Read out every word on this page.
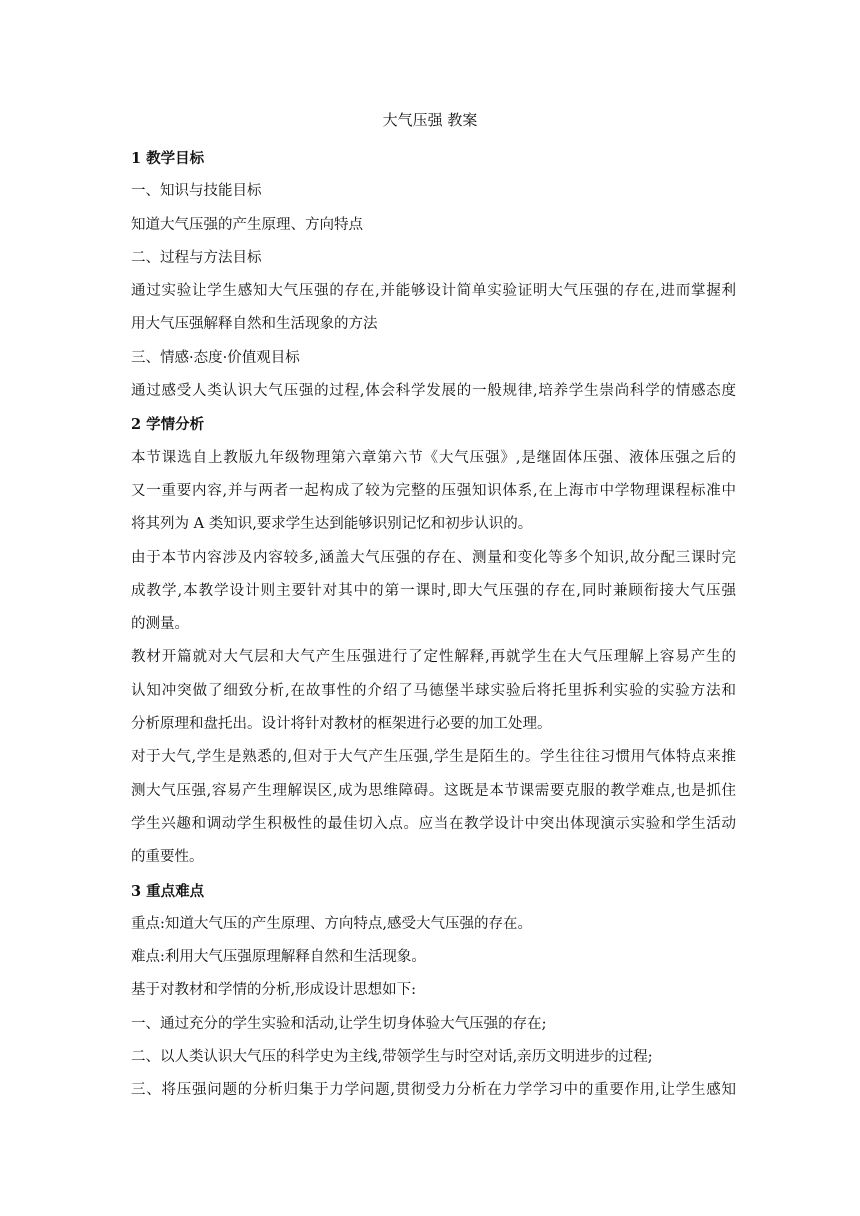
大气压强 教案
1 教学目标
一、知识与技能目标
知道大气压强的产生原理、方向特点
二、过程与方法目标
通过实验让学生感知大气压强的存在,并能够设计简单实验证明大气压强的存在,进而掌握利
用大气压强解释自然和生活现象的方法
三、情感·态度·价值观目标
通过感受人类认识大气压强的过程,体会科学发展的一般规律,培养学生崇尚科学的情感态度
2 学情分析
本节课选自上教版九年级物理第六章第六节《大气压强》,是继固体压强、液体压强之后的
又一重要内容,并与两者一起构成了较为完整的压强知识体系,在上海市中学物理课程标准中
将其列为 A 类知识,要求学生达到能够识别记忆和初步认识的。
由于本节内容涉及内容较多,涵盖大气压强的存在、测量和变化等多个知识,故分配三课时完
成教学,本教学设计则主要针对其中的第一课时,即大气压强的存在,同时兼顾衔接大气压强
的测量。
教材开篇就对大气层和大气产生压强进行了定性解释,再就学生在大气压理解上容易产生的
认知冲突做了细致分析,在故事性的介绍了马德堡半球实验后将托里拆利实验的实验方法和
分析原理和盘托出。设计将针对教材的框架进行必要的加工处理。
对于大气,学生是熟悉的,但对于大气产生压强,学生是陌生的。学生往往习惯用气体特点来推
测大气压强,容易产生理解误区,成为思维障碍。这既是本节课需要克服的教学难点,也是抓住
学生兴趣和调动学生积极性的最佳切入点。应当在教学设计中突出体现演示实验和学生活动
的重要性。
3 重点难点
重点:知道大气压的产生原理、方向特点,感受大气压强的存在。
难点:利用大气压强原理解释自然和生活现象。
基于对教材和学情的分析,形成设计思想如下:
一、通过充分的学生实验和活动,让学生切身体验大气压强的存在;
二、以人类认识大气压的科学史为主线,带领学生与时空对话,亲历文明进步的过程;
三、将压强问题的分析归集于力学问题,贯彻受力分析在力学学习中的重要作用,让学生感知
